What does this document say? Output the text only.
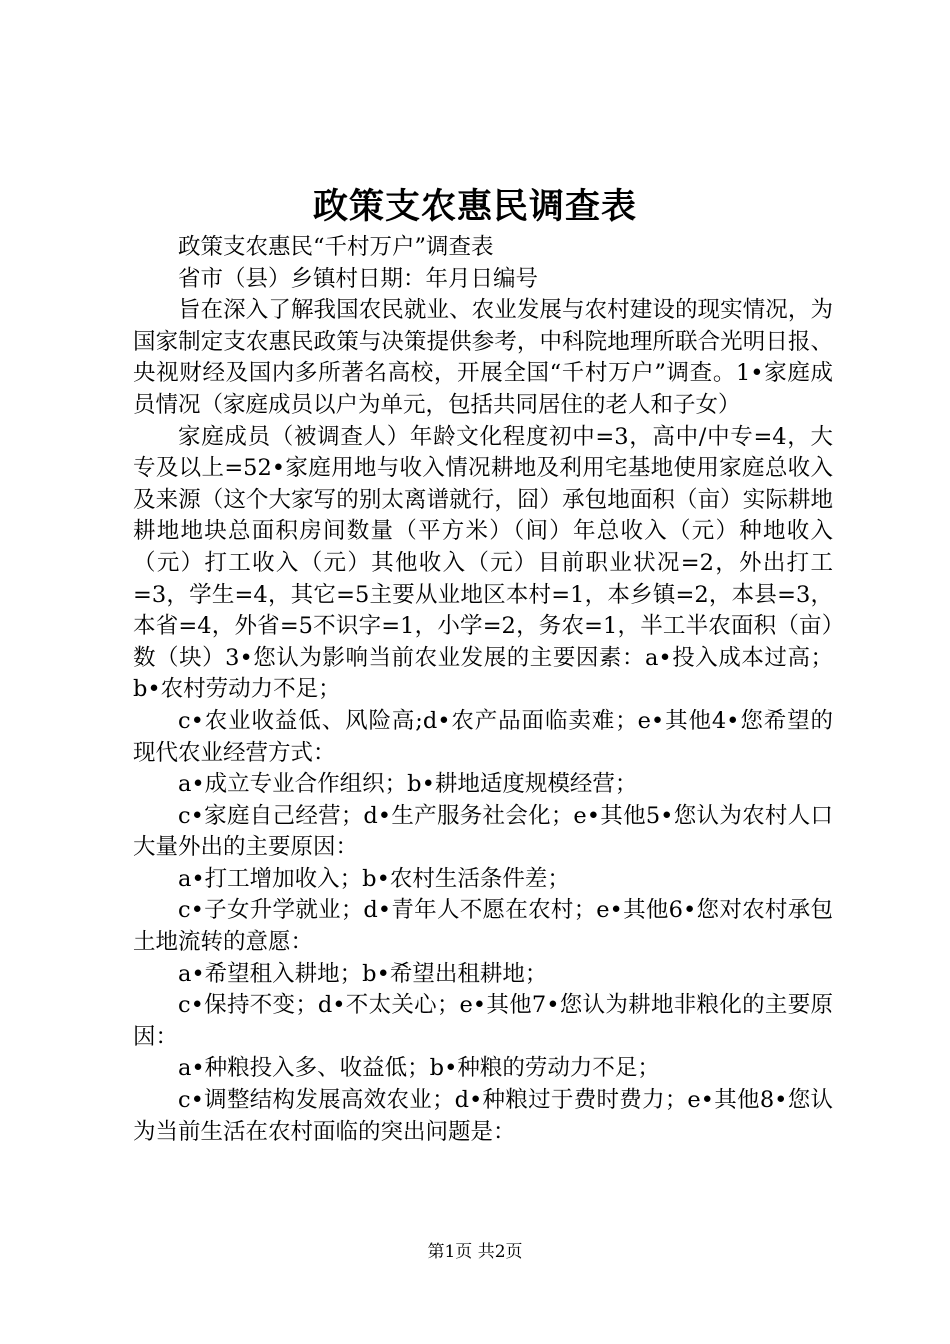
政策支农惠民调查表

政策支农惠民“千村万户”调查表

省市（县）乡镇村日期：年月日编号

旨在深入了解我国农民就业、农业发展与农村建设的现实情况，为国家制定支农惠民政策与决策提供参考，中科院地理所联合光明日报、央视财经及国内多所著名高校，开展全国“千村万户”调查。1•家庭成员情况（家庭成员以户为单元，包括共同居住的老人和子女）

家庭成员（被调查人）年龄文化程度初中=3，高中/中专=4，大专及以上=52•家庭用地与收入情况耕地及利用宅基地使用家庭总收入及来源（这个大家写的别太离谱就行，囧）承包地面积（亩）实际耕地耕地地块总面积房间数量（平方米）（间）年总收入（元）种地收入（元）打工收入（元）其他收入（元）目前职业状况=2，外出打工=3，学生=4，其它=5主要从业地区本村=1，本乡镇=2，本县=3，本省=4，外省=5不识字=1，小学=2，务农=1，半工半农面积（亩）数（块）3•您认为影响当前农业发展的主要因素：a•投入成本过高；b•农村劳动力不足；

c•农业收益低、风险高;d•农产品面临卖难；e•其他4•您希望的现代农业经营方式：

a•成立专业合作组织；b•耕地适度规模经营；

c•家庭自己经营；d•生产服务社会化；e•其他5•您认为农村人口大量外出的主要原因：

a•打工增加收入；b•农村生活条件差；

c•子女升学就业；d•青年人不愿在农村；e•其他6•您对农村承包土地流转的意愿：

a•希望租入耕地；b•希望出租耕地；

c•保持不变；d•不太关心；e•其他7•您认为耕地非粮化的主要原因：

a•种粮投入多、收益低；b•种粮的劳动力不足；

c•调整结构发展高效农业；d•种粮过于费时费力；e•其他8•您认为当前生活在农村面临的突出问题是：

第1页 共2页
